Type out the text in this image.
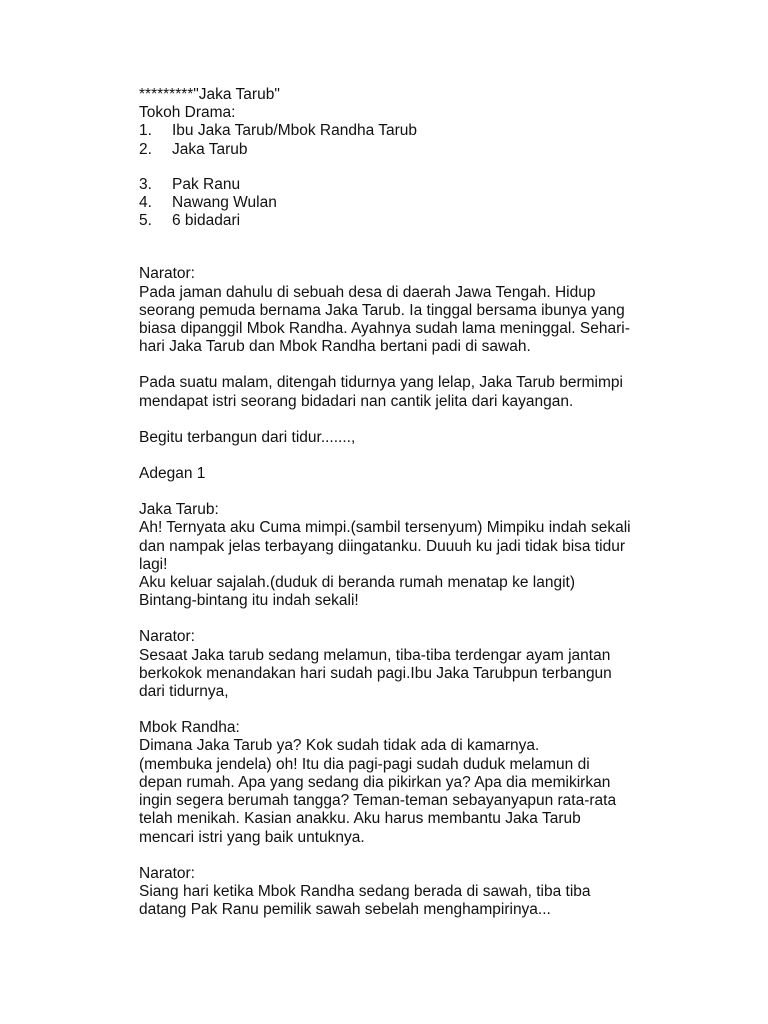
*********"Jaka Tarub"

Tokoh Drama:

1.	Ibu Jaka Tarub/Mbok Randha Tarub
2.	Jaka Tarub
3.	Pak Ranu
4.	Nawang Wulan
5.	6 bidadari

Narator:

Pada jaman dahulu di sebuah desa di daerah Jawa Tengah. Hidup

seorang pemuda bernama Jaka Tarub. Ia tinggal bersama ibunya yang

biasa dipanggil Mbok Randha. Ayahnya sudah lama meninggal. Sehari-

hari Jaka Tarub dan Mbok Randha bertani padi di sawah.

Pada suatu malam, ditengah tidurnya yang lelap, Jaka Tarub bermimpi

mendapat istri seorang bidadari nan cantik jelita dari kayangan.

Begitu terbangun dari tidur.......,

Adegan 1

Jaka Tarub:

Ah! Ternyata aku Cuma mimpi.(sambil tersenyum) Mimpiku indah sekali

dan nampak jelas terbayang diingatanku. Duuuh ku jadi tidak bisa tidur

lagi!

Aku keluar sajalah.(duduk di beranda rumah menatap ke langit)

Bintang-bintang itu indah sekali!

Narator:

Sesaat Jaka tarub sedang melamun, tiba-tiba terdengar ayam jantan

berkokok menandakan hari sudah pagi.Ibu Jaka Tarubpun terbangun

dari tidurnya,

Mbok Randha:

Dimana Jaka Tarub ya? Kok sudah tidak ada di kamarnya.

(membuka jendela) oh! Itu dia pagi-pagi sudah duduk melamun di

depan rumah. Apa yang sedang dia pikirkan ya? Apa dia memikirkan

ingin segera berumah tangga? Teman-teman sebayanyapun rata-rata

telah menikah. Kasian anakku. Aku harus membantu Jaka Tarub

mencari istri yang baik untuknya.

Narator:

Siang hari ketika Mbok Randha sedang berada di sawah, tiba tiba

datang Pak Ranu pemilik sawah sebelah menghampirinya...
